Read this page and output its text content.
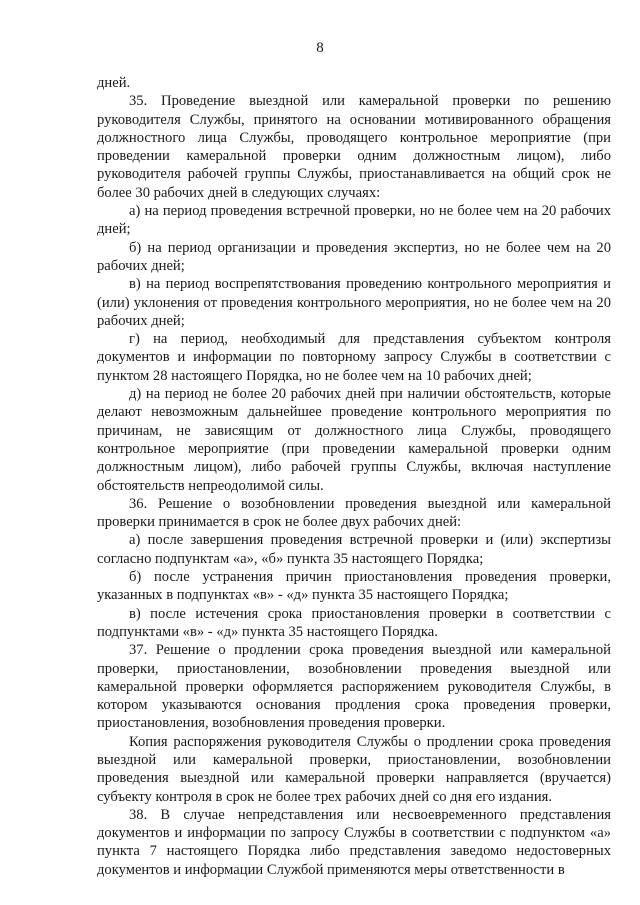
8

дней.

35. Проведение выездной или камеральной проверки по решению руководителя Службы, принятого на основании мотивированного обращения должностного лица Службы, проводящего контрольное мероприятие (при проведении камеральной проверки одним должностным лицом), либо руководителя рабочей группы Службы, приостанавливается на общий срок не более 30 рабочих дней в следующих случаях:

а) на период проведения встречной проверки, но не более чем на 20 рабочих дней;

б) на период организации и проведения экспертиз, но не более чем на 20 рабочих дней;

в) на период воспрепятствования проведению контрольного мероприятия и (или) уклонения от проведения контрольного мероприятия, но не более чем на 20 рабочих дней;

г) на период, необходимый для представления субъектом контроля документов и информации по повторному запросу Службы в соответствии с пунктом 28 настоящего Порядка, но не более чем на 10 рабочих дней;

д) на период не более 20 рабочих дней при наличии обстоятельств, которые делают невозможным дальнейшее проведение контрольного мероприятия по причинам, не зависящим от должностного лица Службы, проводящего контрольное мероприятие (при проведении камеральной проверки одним должностным лицом), либо рабочей группы Службы, включая наступление обстоятельств непреодолимой силы.

36. Решение о возобновлении проведения выездной или камеральной проверки принимается в срок не более двух рабочих дней:

а) после завершения проведения встречной проверки и (или) экспертизы согласно подпунктам «а», «б» пункта 35 настоящего Порядка;

б) после устранения причин приостановления проведения проверки, указанных в подпунктах «в» - «д» пункта 35 настоящего Порядка;

в) после истечения срока приостановления проверки в соответствии с подпунктами «в» - «д» пункта 35 настоящего Порядка.

37. Решение о продлении срока проведения выездной или камеральной проверки, приостановлении, возобновлении проведения выездной или камеральной проверки оформляется распоряжением руководителя Службы, в котором указываются основания продления срока проведения проверки, приостановления, возобновления проведения проверки.

Копия распоряжения руководителя Службы о продлении срока проведения выездной или камеральной проверки, приостановлении, возобновлении проведения выездной или камеральной проверки направляется (вручается) субъекту контроля в срок не более трех рабочих дней со дня его издания.

38. В случае непредставления или несвоевременного представления документов и информации по запросу Службы в соответствии с подпунктом «а» пункта 7 настоящего Порядка либо представления заведомо недостоверных документов и информации Службой применяются меры ответственности в
